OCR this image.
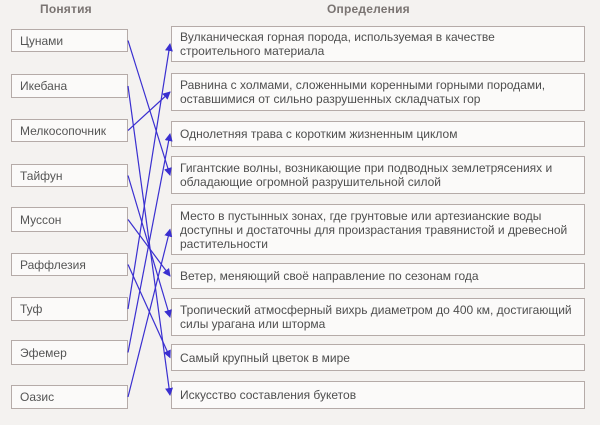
Понятия	Определения
Цунами
Икебана
Мелкосопочник
Тайфун
Муссон
Раффлезия
Туф
Эфемер
Оазис
Вулканическая горная порода, используемая в качестве строительного материала
Равнина с холмами, сложенными коренными горными породами, оставшимися от сильно разрушенных складчатых гор
Однолетняя трава с коротким жизненным циклом
Гигантские волны, возникающие при подводных землетрясениях и обладающие огромной разрушительной силой
Место в пустынных зонах, где грунтовые или артезианские воды доступны и достаточны для произрастания травянистой и древесной растительности
Ветер, меняющий своё направление по сезонам года
Тропический атмосферный вихрь диаметром до 400 км, достигающий силы урагана или шторма
Самый крупный цветок в мире
Искусство составления букетов
